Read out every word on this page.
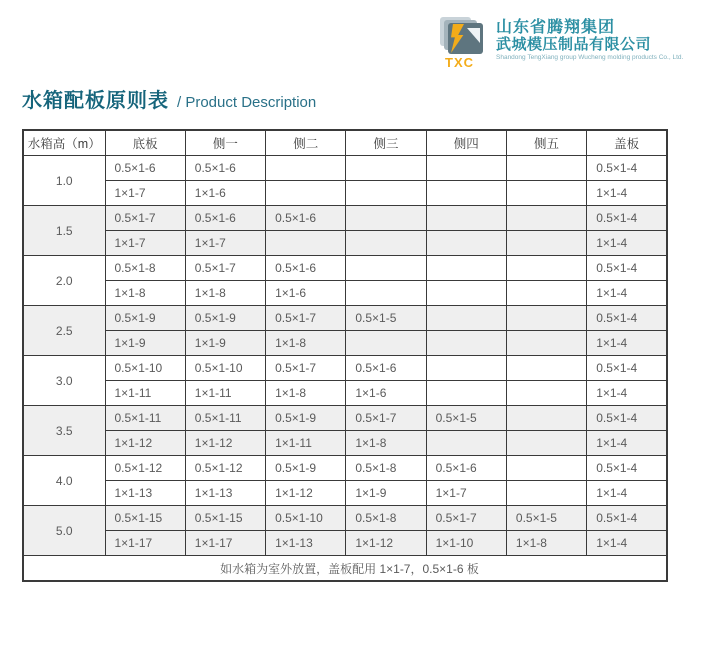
TXC
山东省腾翔集团
武城模压制品有限公司
Shandong TengXiang group Wucheng molding products Co., Ltd.
水箱配板原则表 / Product Description
水箱高（m）	底板	侧一	侧二	侧三	侧四	侧五	盖板
1.0	0.5×1-6	0.5×1-6					0.5×1-4
	1×1-7	1×1-6					1×1-4
1.5	0.5×1-7	0.5×1-6	0.5×1-6				0.5×1-4
	1×1-7	1×1-7					1×1-4
2.0	0.5×1-8	0.5×1-7	0.5×1-6				0.5×1-4
	1×1-8	1×1-8	1×1-6				1×1-4
2.5	0.5×1-9	0.5×1-9	0.5×1-7	0.5×1-5			0.5×1-4
	1×1-9	1×1-9	1×1-8				1×1-4
3.0	0.5×1-10	0.5×1-10	0.5×1-7	0.5×1-6			0.5×1-4
	1×1-11	1×1-11	1×1-8	1×1-6			1×1-4
3.5	0.5×1-11	0.5×1-11	0.5×1-9	0.5×1-7	0.5×1-5		0.5×1-4
	1×1-12	1×1-12	1×1-11	1×1-8			1×1-4
4.0	0.5×1-12	0.5×1-12	0.5×1-9	0.5×1-8	0.5×1-6		0.5×1-4
	1×1-13	1×1-13	1×1-12	1×1-9	1×1-7		1×1-4
5.0	0.5×1-15	0.5×1-15	0.5×1-10	0.5×1-8	0.5×1-7	0.5×1-5	0.5×1-4
	1×1-17	1×1-17	1×1-13	1×1-12	1×1-10	1×1-8	1×1-4
如水箱为室外放置，盖板配用 1×1-7，0.5×1-6 板							
